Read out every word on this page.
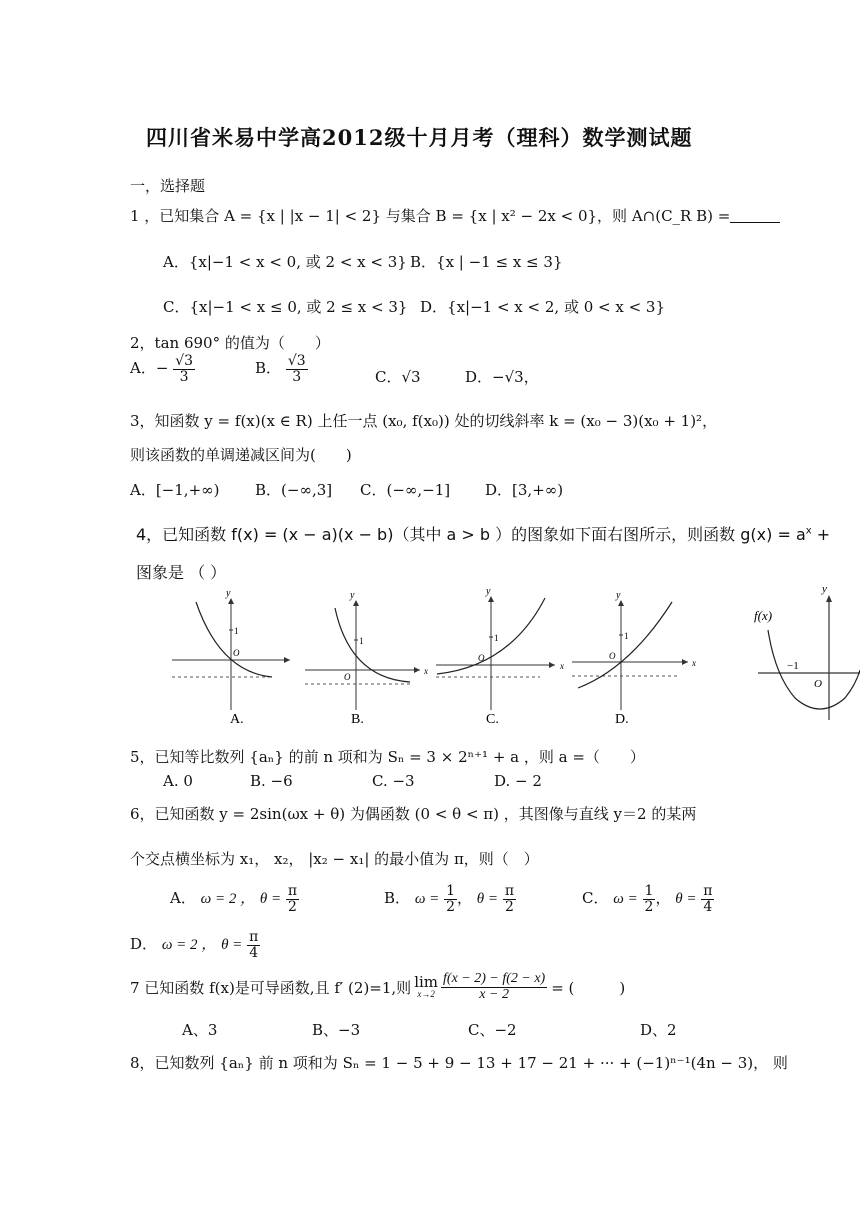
四川省米易中学高2012级十月月考（理科）数学测试题
一，选择题
1 ，已知集合 A = {x | |x − 1| < 2} 与集合 B = {x | x² − 2x < 0}，则 A∩(C_R B) =
A．{x|−1 < x < 0, 或 2 < x < 3} B．{x | −1 ≤ x ≤ 3}
C．{x|−1 < x ≤ 0, 或 2 ≤ x < 3} D．{x|−1 < x < 2, 或 0 < x < 3}
2，tan 690° 的值为（　　）
A．− $\frac{√3}{3}$	B． $\frac{√3}{3}$	C．√3	D．−√3，
3，知函数 y = f(x)(x ∈ R) 上任一点 (x₀, f(x₀)) 处的切线斜率 k = (x₀ − 3)(x₀ + 1)²，
则该函数的单调递减区间为(　　)
A．[−1,+∞) B．(−∞,3] C．(−∞,−1] D．[3,+∞)
4，已知函数 f(x) = (x − a)(x − b)（其中 a > b ）的图象如下面右图所示，则函数 $g(x) = a^x$ +
图象是 （ ）
y
1
O
A.
y
x
1
O
B.
y
x
1
O
C.
y
x
1
O
D.
f(x)
y
−1
O
5，已知等比数列 {aₙ} 的前 n 项和为 Sₙ = 3 × 2ⁿ⁺¹ + a ，则 a =（　　）
A. 0	B. −6	C. −3	D. − 2
6，已知函数 y = 2sin(ωx + θ) 为偶函数 (0 < θ < π) ，其图像与直线 y＝2 的某两
个交点横坐标为 x₁， x₂， |x₂ − x₁| 的最小值为 π，则（　）
A． ω = 2 ， $\theta = \frac{\pi}{2}$	B． $\omega = \frac{1}{2}$ ， $\theta = \frac{\pi}{2}$	C． $\omega = \frac{1}{2}$ ， $\theta = \frac{\pi}{4}$
D． ω = 2 ， $\theta = \frac{\pi}{4}$
7 已知函数 f(x)是可导函数,且 f′ (2)=1,则 lim
$x\to 2 \frac{f(x - 2) - f(2 - x)}{x - 2}$ = (　　　)
A、3	B、−3	C、−2	D、2
8，已知数列 {aₙ} 前 n 项和为 Sₙ = 1 − 5 + 9 − 13 + 17 − 21 + ··· + (−1)ⁿ⁻¹(4n − 3)， 则
